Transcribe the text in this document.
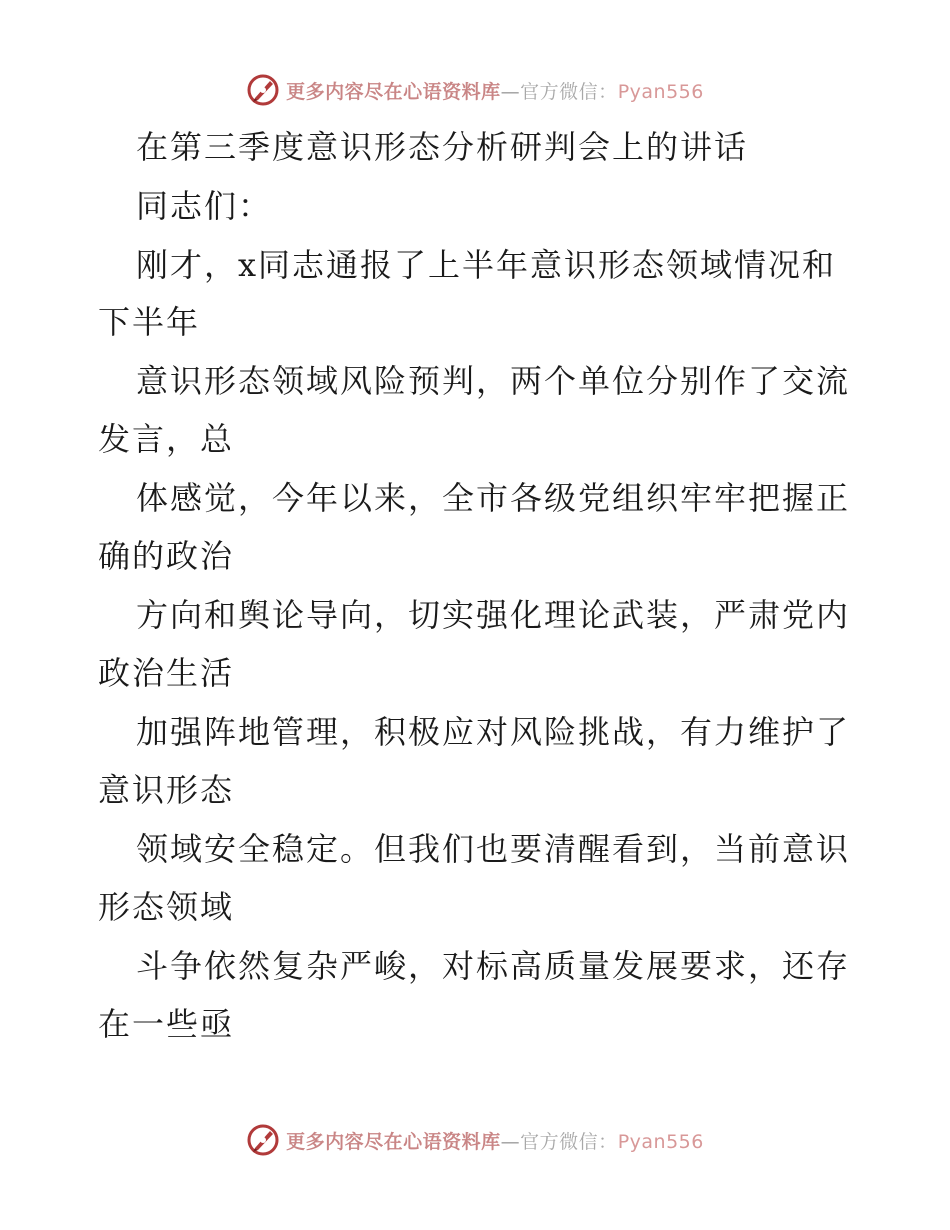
更多内容尽在心语资料库—官方微信：Pyan556
在第三季度意识形态分析研判会上的讲话
同志们：
刚才，x同志通报了上半年意识形态领域情况和
下半年
意识形态领域风险预判，两个单位分别作了交流
发言，总
体感觉，今年以来，全市各级党组织牢牢把握正
确的政治
方向和舆论导向，切实强化理论武装，严肃党内
政治生活
加强阵地管理，积极应对风险挑战，有力维护了
意识形态
领域安全稳定。但我们也要清醒看到，当前意识
形态领域
斗争依然复杂严峻，对标高质量发展要求，还存
在一些亟
更多内容尽在心语资料库—官方微信：Pyan556
